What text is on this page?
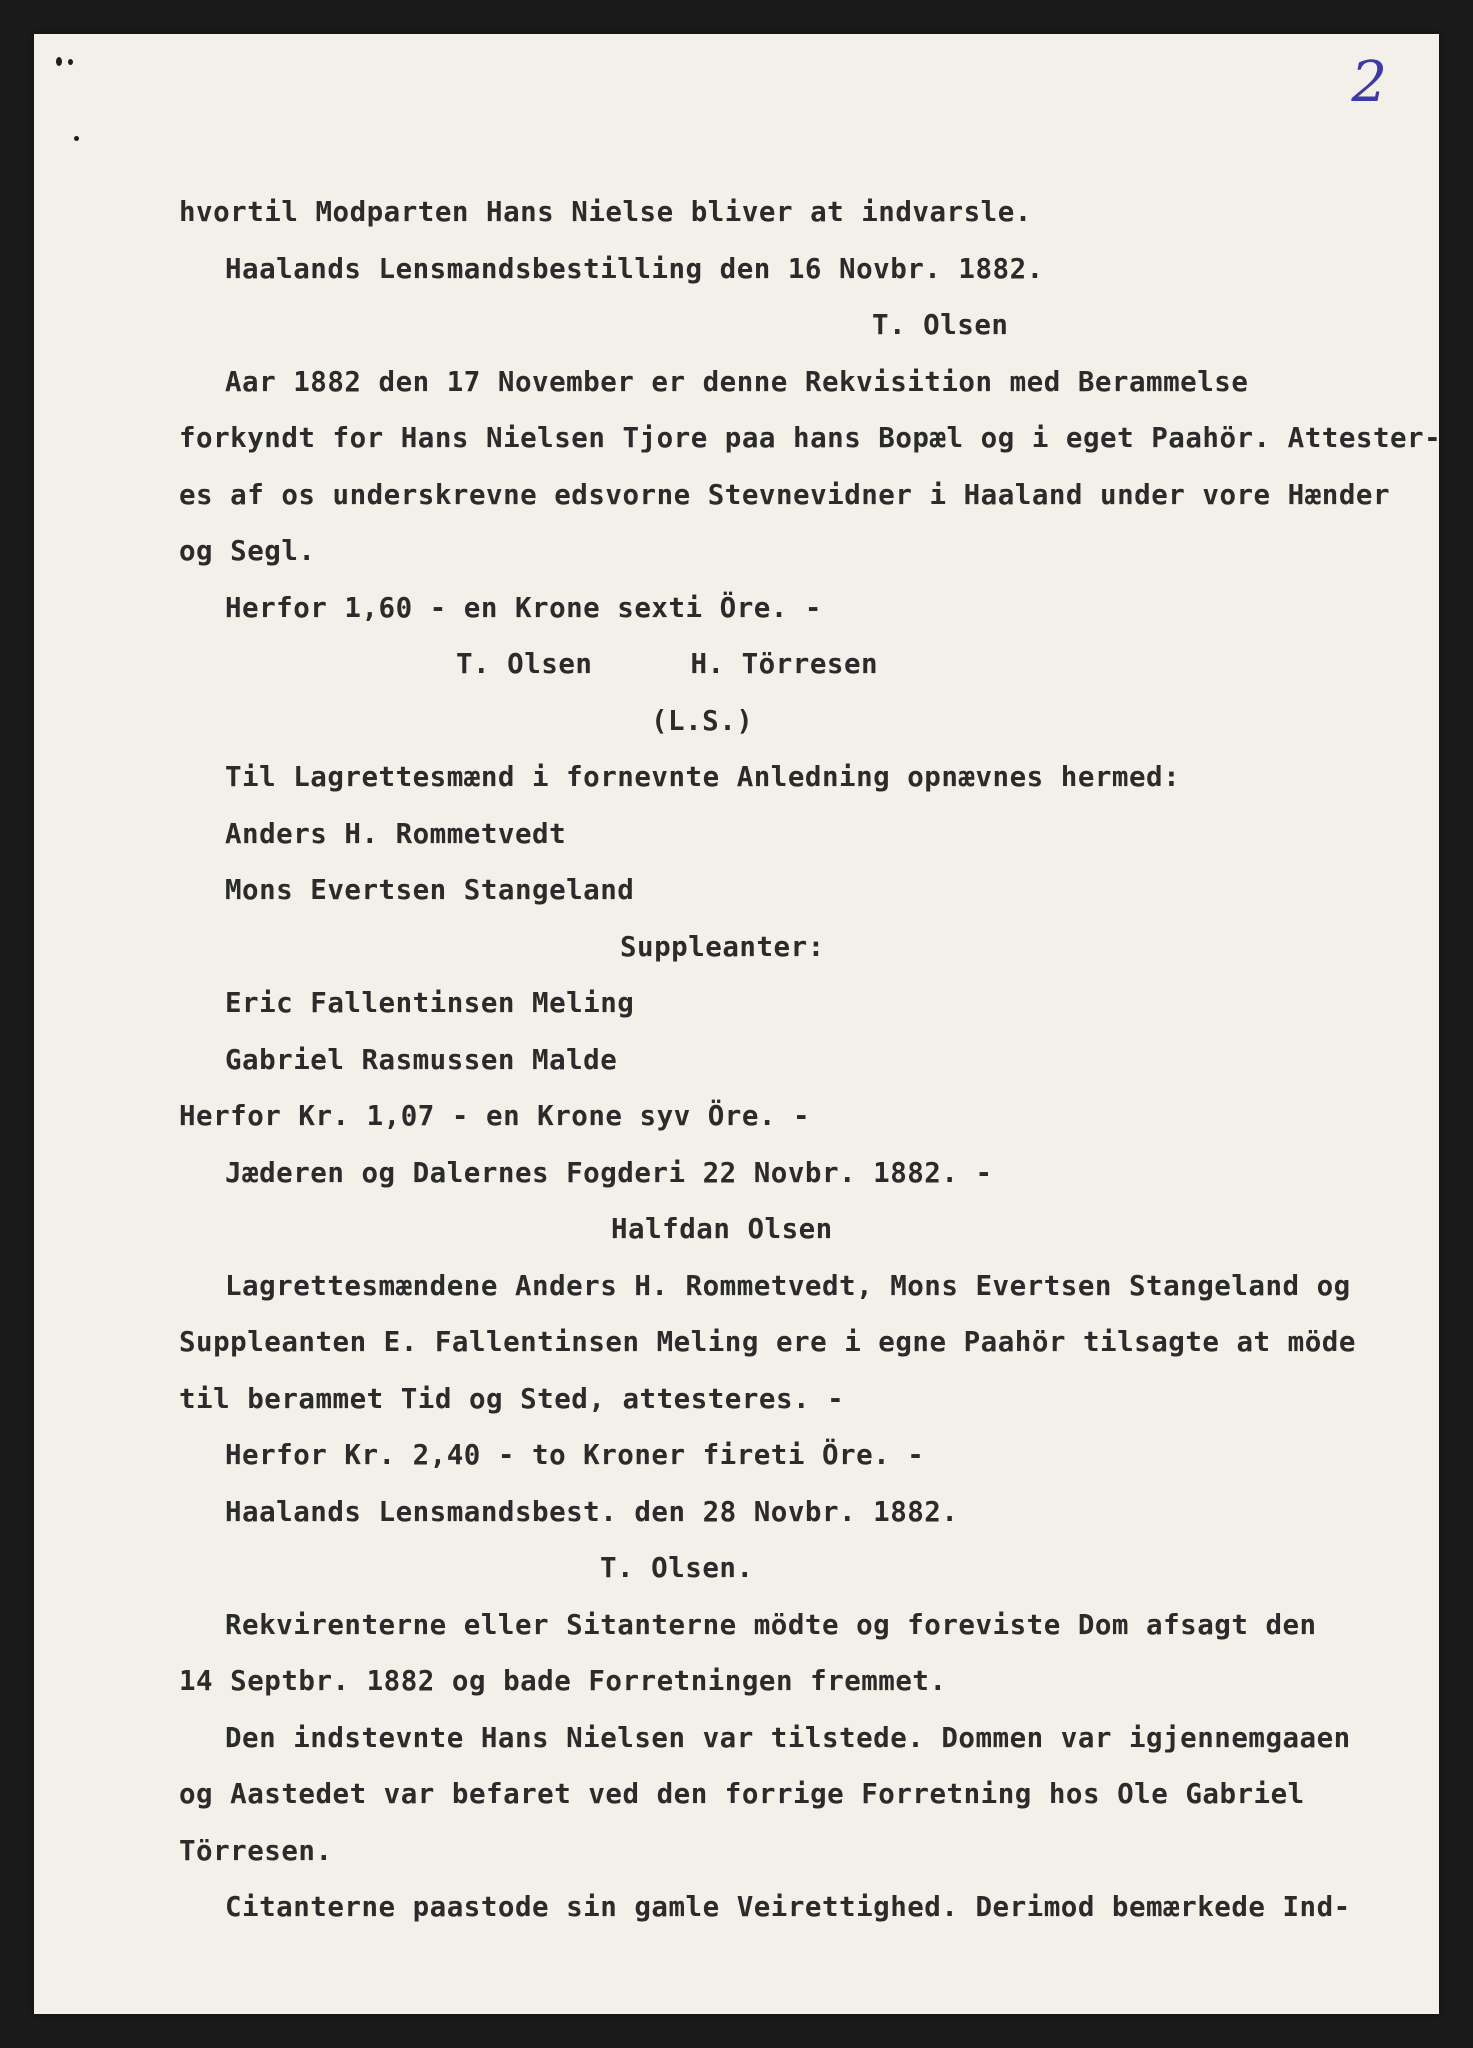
2
hvortil Modparten Hans Nielse bliver at indvarsle.
Haalands Lensmandsbestilling den 16 Novbr. 1882.
T. Olsen
Aar 1882 den 17 November er denne Rekvisition med Berammelse
forkyndt for Hans Nielsen Tjore paa hans Bopæl og i eget Paahör. Attester-
es af os underskrevne edsvorne Stevnevidner i Haaland under vore Hænder
og Segl.
Herfor 1,60 - en Krone sexti Öre. -
T. Olsen	H. Törresen
(L.S.)
Til Lagrettesmænd i fornevnte Anledning opnævnes hermed:
Anders H. Rommetvedt
Mons Evertsen Stangeland
Suppleanter:
Eric Fallentinsen Meling
Gabriel Rasmussen Malde
Herfor Kr. 1,07 - en Krone syv Öre. -
Jæderen og Dalernes Fogderi 22 Novbr. 1882. -
Halfdan Olsen
Lagrettesmændene Anders H. Rommetvedt, Mons Evertsen Stangeland og
Suppleanten E. Fallentinsen Meling ere i egne Paahör tilsagte at möde
til berammet Tid og Sted, attesteres. -
Herfor Kr. 2,40 - to Kroner fireti Öre. -
Haalands Lensmandsbest. den 28 Novbr. 1882.
T. Olsen.
Rekvirenterne eller Sitanterne mödte og foreviste Dom afsagt den
14 Septbr. 1882 og bade Forretningen fremmet.
Den indstevnte Hans Nielsen var tilstede. Dommen var igjennemgaaen
og Aastedet var befaret ved den forrige Forretning hos Ole Gabriel
Törresen.
Citanterne paastode sin gamle Veirettighed. Derimod bemærkede Ind-
